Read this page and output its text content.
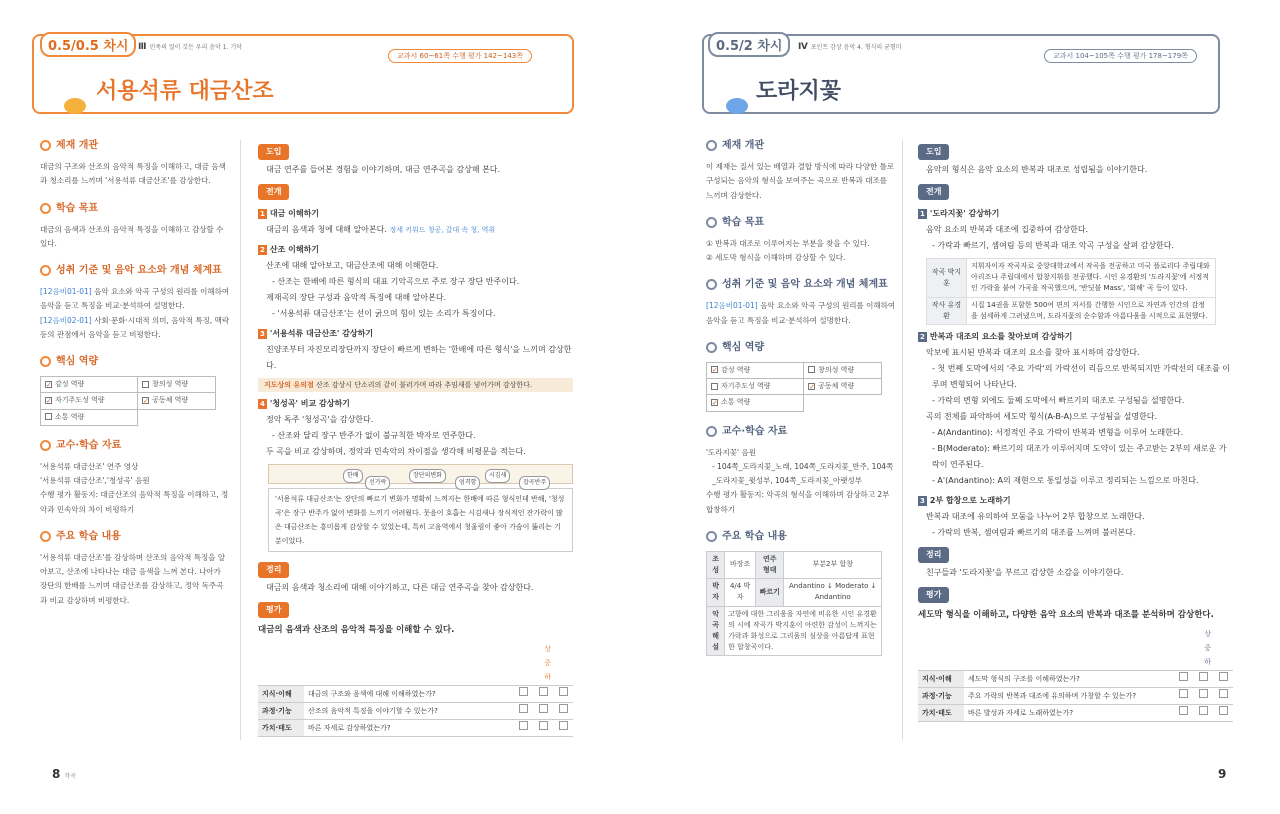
0.5/0.5 차시	Ⅲ 민족의 얼이 깃든 우리 음악 1. 기악
교과서 60~61쪽 수행 평가 142~143쪽
서용석류 대금산조
제재 개관
대금의 구조와 산조의 음악적 특징을 이해하고, 대금 음색과 청소리를 느끼며 '서용석류 대금산조'를 감상한다.
학습 목표
대금의 음색과 산조의 음악적 특징을 이해하고 감상할 수 있다.
성취 기준 및 음악 요소와 개념 체계표
[12음비01-01] 음악 요소와 악곡 구성의 원리를 이해하여 음악을 듣고 특징을 비교·분석하여 설명한다.
[12음비02-01] 사회·문화·시대적 의미, 음악적 특징, 맥락 등의 관점에서 음악을 듣고 비평한다.
핵심 역량
✓감성 역량	창의성 역량
✓자기주도성 역량	✓공동체 역량
소통 역량	
교수·학습 자료
'서용석류 대금산조' 연주 영상
'서용석류 대금산조','청성곡' 음원
수행 평가 활동지: 대금산조의 음악적 특징을 이해하고, 정악과 민속악의 차이 비평하기
주요 학습 내용
'서용석류 대금산조'를 감상하며 산조의 음악적 특징을 알아보고, 산조에 나타나는 대금 음색을 느껴 본다. 나아가 장단의 한배를 느끼며 대금산조를 감상하고, 정악 독주곡과 비교 감상하며 비평한다.
도입
대금 연주를 들어본 경험을 이야기하며, 대금 연주곡을 감상해 본다.
전개
1 대금 이해하기
대금의 음색과 청에 대해 알아본다. 정세 키워드 청공, 갈대 속 청, 역취
2 산조 이해하기
산조에 대해 알아보고, 대금산조에 대해 이해한다.
- 산조는 한배에 따른 형식의 대표 기악곡으로 주로 장구 장단 반주이다.
제재곡의 장단 구성과 음악적 특징에 대해 알아본다.
- '서용석류 대금산조'는 선이 굵으며 힘이 있는 소리가 특징이다.
3 '서용석류 대금산조' 감상하기
진양조부터 자진모리장단까지 장단이 빠르게 변하는 '한배에 따른 형식'을 느끼며 감상한다.
지도상의 유의점 산조 감상시 단소리의 같이 불러가며 따라 추임새를 넣어가며 감상한다.
4 '청성곡' 비교 감상하기
정악 독주 '청성곡'을 감상한다.
- 산조와 달리 장구 반주가 없이 불규칙한 박자로 연주한다.
두 곡을 비교 감상하며, 정악과 민속악의 차이점을 생각해 비평문을 적는다.
한배	장단의변화	시김새
선가락	엄격함	잡곡반주
'서용석류 대금산조'는 장단의 빠르기 변화가 명확히 느껴지는 한배에 따른 형식인데 반해, '청성곡'은 장구 반주가 없어 변화를 느끼기 어려웠다. 뭇음이 호흡는 시김새나 장식적인 잔가락이 많은 대금산조는 흥미롭게 감상할 수 있었는데, 특히 고음역에서 청울림이 좋아 가슴이 뚫리는 기분이었다.
정리
대금의 음색과 청소리에 대해 이야기하고, 다른 대금 연주곡을 찾아 감상한다.
평가
대금의 음색과 산조의 음악적 특징을 이해할 수 있다.
		상 중 하		
지식·이해	대금의 구조와 음색에 대해 이해하였는가?			
과정·기능	산조의 음악적 특징을 이야기할 수 있는가?			
가치·태도	바른 자세로 감상하였는가?			
8 작곡
0.5/2 차시	Ⅳ 포인트 감상 음악 4. 형식의 균형미
교과서 104~105쪽 수행 평가 178~179쪽
도라지꽃
제재 개관
이 제재는 질서 있는 배열과 결합 방식에 따라 다양한 틀로 구성되는 음악의 형식을 보여주는 곡으로 반복과 대조를 느끼며 감상한다.
학습 목표
① 반복과 대조로 이루어지는 부분을 찾을 수 있다.
② 세도막 형식을 이해하며 감상할 수 있다.
성취 기준 및 음악 요소와 개념 체계표
[12음비01-01] 음악 요소와 악곡 구성의 원리를 이해하여 음악을 듣고 특징을 비교·분석하여 설명한다.
핵심 역량
✓감성 역량	창의성 역량
자기주도성 역량	✓공동체 역량
✓소통 역량	
교수·학습 자료
'도라지꽃' 음원
- 104쪽_도라지꽃_노래, 104쪽_도라지꽃_반주, 104쪽_도라지꽃_윗성부, 104쪽_도라지꽃_아랫성부
수행 평가 활동지: 악곡의 형식을 이해하며 감상하고 2부 합창하기
주요 학습 내용
조성	바장조	연주 형태	부분2부 합창
박자	4/4 박자	빠르기	Andantino ↓ Moderato ↓ Andantino
악곡 해설	고향에 대한 그리움을 자연에 비유한 시인 유경환의 시에 작곡가 박지훈이 아련한 감성이 느껴지는 가락과 화성으로 그리움의 심상을 아름답게 표현한 합창곡이다.		
도입
음악의 형식은 음악 요소의 반복과 대조로 성립됨을 이야기한다.
전개
1 '도라지꽃' 감상하기
음악 요소의 반복과 대조에 집중하여 감상한다.
- 가락과 빠르기, 셈여림 등의 반복과 대조 악곡 구성을 살펴 감상한다.
작곡 박지훈	지휘자이자 작곡자로 중앙대학교에서 작곡을 전공하고 미국 플로리다 주립대와 아리조나 주립대에서 합창지휘를 전공했다. 시인 유경환의 '도라지꽃'에 서정적인 가락을 붙여 가곡을 작곡했으며, '반딧불 Mass', '회해' 곡 등이 있다.
작사 유경환	시집 14권을 포함한 500여 편의 저서를 간행한 시인으로 자연과 인간의 감정을 섬세하게 그려냈으며, 도라지꽃의 순수함과 아름다움을 시적으로 표현했다.
2 반복과 대조의 요소를 찾아보며 감상하기
악보에 표시된 반복과 대조의 요소를 찾아 표시하며 감상한다.
- 첫 번째 도막에서의 '주요 가락'의 가락선이 리듬으로 반복되지만 가락선의 대조를 이루며 변형되어 나타난다.
- 가락의 변형 외에도 둘째 도막에서 빠르기의 대조로 구성됨을 설명한다.
곡의 전체를 파악하여 세도막 형식(A-B-A)으로 구성됨을 설명한다.
- A(Andantino): 서정적인 주요 가락이 반복과 변형을 이루어 노래한다.
- B(Moderato): 빠르기의 대조가 이루어지며 도약이 있는 주고받는 2부의 새로운 가락이 연주된다.
- A'(Andantino): A의 재현으로 통일성을 이루고 정리되는 느낌으로 마친다.
3 2부 합창으로 노래하기
반복과 대조에 유의하여 모둠을 나누어 2부 합창으로 노래한다.
- 가락의 반복, 셈여림과 빠르기의 대조를 느껴며 불러본다.
정리
친구들과 '도라지꽃'을 부르고 감상한 소감을 이야기한다.
평가
세도막 형식을 이해하고, 다양한 음악 요소의 반복과 대조를 분석하며 감상한다.
		상 중 하		
지식·이해	세도막 형식의 구조를 이해하였는가?			
과정·기능	주요 가락의 반복과 대조에 유의하며 가창할 수 있는가?			
가치·태도	바른 발성과 자세로 노래하였는가?			
9
